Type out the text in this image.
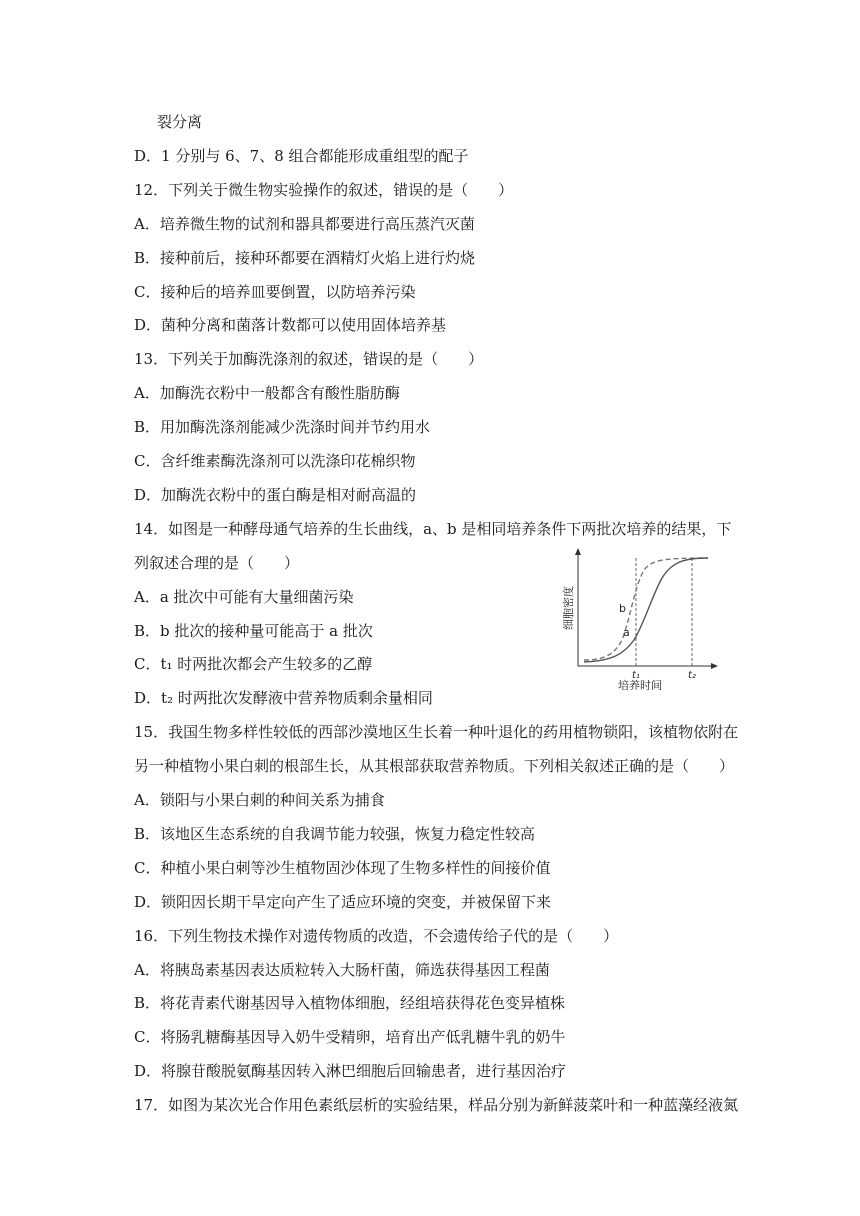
裂分离
D．1 分别与 6、7、8 组合都能形成重组型的配子
12．下列关于微生物实验操作的叙述，错误的是（　　）
A．培养微生物的试剂和器具都要进行高压蒸汽灭菌
B．接种前后，接种环都要在酒精灯火焰上进行灼烧
C．接种后的培养皿要倒置，以防培养污染
D．菌种分离和菌落计数都可以使用固体培养基
13．下列关于加酶洗涤剂的叙述，错误的是（　　）
A．加酶洗衣粉中一般都含有酸性脂肪酶
B．用加酶洗涤剂能减少洗涤时间并节约用水
C．含纤维素酶洗涤剂可以洗涤印花棉织物
D．加酶洗衣粉中的蛋白酶是相对耐高温的
14．如图是一种酵母通气培养的生长曲线，a、b 是相同培养条件下两批次培养的结果，下
列叙述合理的是（　　）
A．a 批次中可能有大量细菌污染
B．b 批次的接种量可能高于 a 批次
C．t₁ 时两批次都会产生较多的乙醇
D．t₂ 时两批次发酵液中营养物质剩余量相同
15．我国生物多样性较低的西部沙漠地区生长着一种叶退化的药用植物锁阳，该植物依附在
另一种植物小果白刺的根部生长，从其根部获取营养物质。下列相关叙述正确的是（　　）
A．锁阳与小果白刺的种间关系为捕食
B．该地区生态系统的自我调节能力较强，恢复力稳定性较高
C．种植小果白刺等沙生植物固沙体现了生物多样性的间接价值
D．锁阳因长期干旱定向产生了适应环境的突变，并被保留下来
16．下列生物技术操作对遗传物质的改造，不会遗传给子代的是（　　）
A．将胰岛素基因表达质粒转入大肠杆菌，筛选获得基因工程菌
B．将花青素代谢基因导入植物体细胞，经组培获得花色变异植株
C．将肠乳糖酶基因导入奶牛受精卵，培育出产低乳糖牛乳的奶牛
D．将腺苷酸脱氨酶基因转入淋巴细胞后回输患者，进行基因治疗
17．如图为某次光合作用色素纸层析的实验结果，样品分别为新鲜菠菜叶和一种蓝藻经液氮
b
a
t₁	t₂
培养时间
细胞密度
